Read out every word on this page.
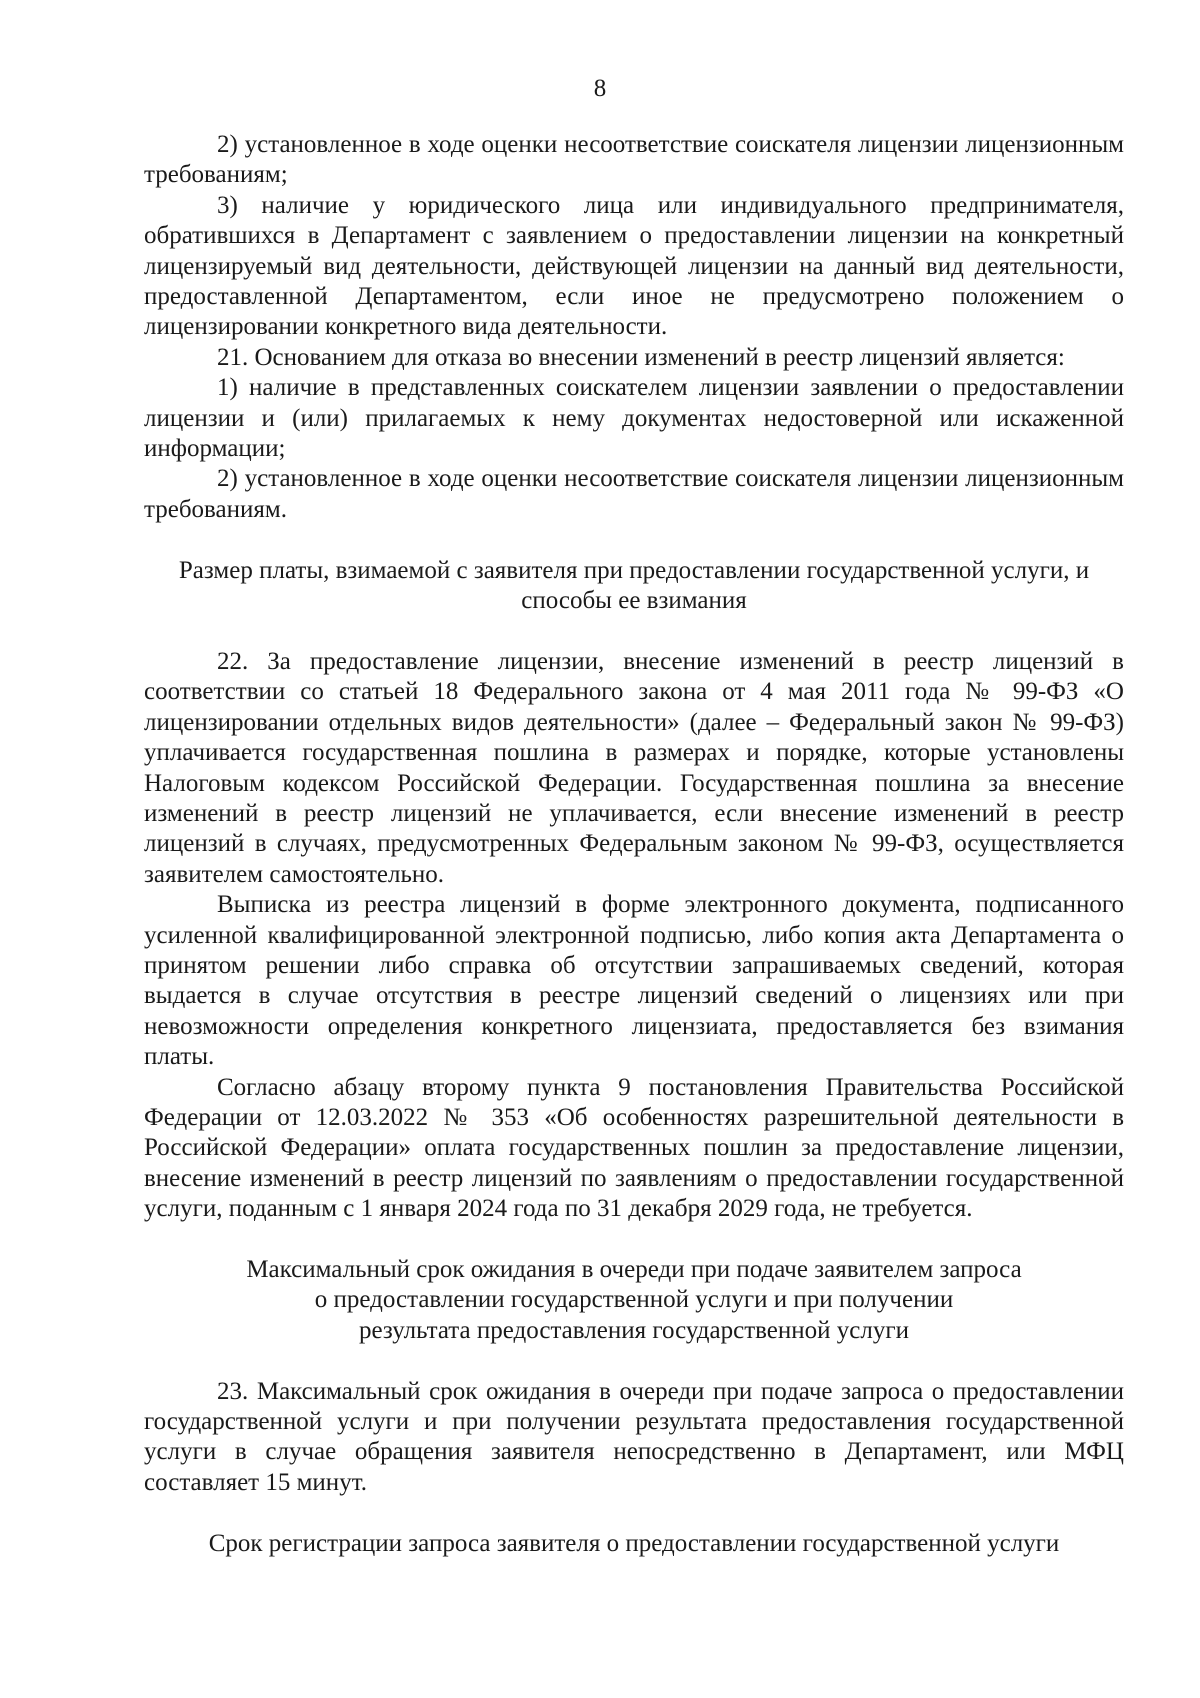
8

2) установленное в ходе оценки несоответствие соискателя лицензии лицензионным требованиям;

3) наличие у юридического лица или индивидуального предпринимателя, обратившихся в Департамент с заявлением о предоставлении лицензии на конкретный лицензируемый вид деятельности, действующей лицензии на данный вид деятельности, предоставленной Департаментом, если иное не предусмотрено положением о лицензировании конкретного вида деятельности.

21. Основанием для отказа во внесении изменений в реестр лицензий является:

1) наличие в представленных соискателем лицензии заявлении о предоставлении лицензии и (или) прилагаемых к нему документах недостоверной или искаженной информации;

2) установленное в ходе оценки несоответствие соискателя лицензии лицензионным требованиям.

Размер платы, взимаемой с заявителя при предоставлении государственной услуги, и
способы ее взимания

22. За предоставление лицензии, внесение изменений в реестр лицензий в соответствии со статьей 18 Федерального закона от 4 мая 2011 года № 99-ФЗ «О лицензировании отдельных видов деятельности» (далее – Федеральный закон № 99-ФЗ) уплачивается государственная пошлина в размерах и порядке, которые установлены Налоговым кодексом Российской Федерации. Государственная пошлина за внесение изменений в реестр лицензий не уплачивается, если внесение изменений в реестр лицензий в случаях, предусмотренных Федеральным законом № 99-ФЗ, осуществляется заявителем самостоятельно.

Выписка из реестра лицензий в форме электронного документа, подписанного усиленной квалифицированной электронной подписью, либо копия акта Департамента о принятом решении либо справка об отсутствии запрашиваемых сведений, которая выдается в случае отсутствия в реестре лицензий сведений о лицензиях или при невозможности определения конкретного лицензиата, предоставляется без взимания платы.

Согласно абзацу второму пункта 9 постановления Правительства Российской Федерации от 12.03.2022 № 353 «Об особенностях разрешительной деятельности в Российской Федерации» оплата государственных пошлин за предоставление лицензии, внесение изменений в реестр лицензий по заявлениям о предоставлении государственной услуги, поданным с 1 января 2024 года по 31 декабря 2029 года, не требуется.

Максимальный срок ожидания в очереди при подаче заявителем запроса
о предоставлении государственной услуги и при получении
результата предоставления государственной услуги

23. Максимальный срок ожидания в очереди при подаче запроса о предоставлении государственной услуги и при получении результата предоставления государственной услуги в случае обращения заявителя непосредственно в Департамент, или МФЦ составляет 15 минут.

Срок регистрации запроса заявителя о предоставлении государственной услуги
